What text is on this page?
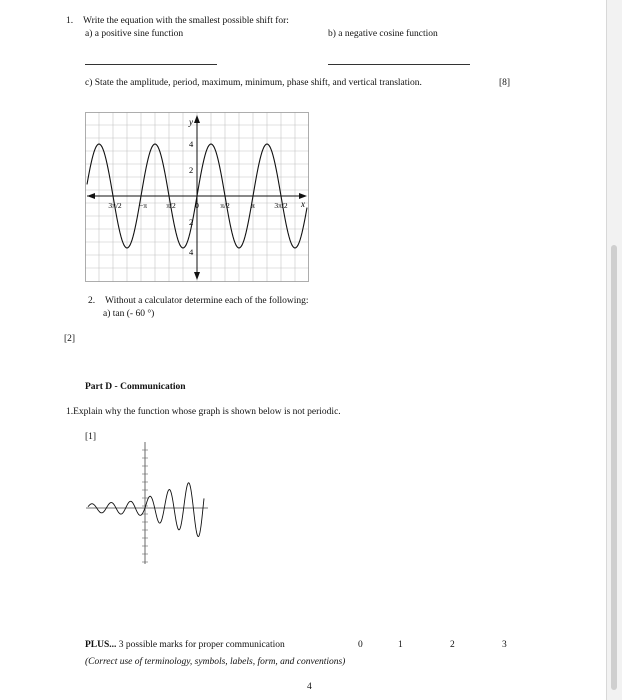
1. Write the equation with the smallest possible shift for:
a) a positive sine function	b) a negative cosine function
c) State the amplitude, period, maximum, minimum, phase shift, and vertical translation.	[8]
y
x
4
2
2
4
3π/2 −π	π/2	0	π/2	π	3π/2
2. Without a calculator determine each of the following:
a) tan (- 60 °)
[2]
Part D - Communication
1.Explain why the function whose graph is shown below is not periodic.
[1]
PLUS... 3 possible marks for proper communication	0	1	2	3
(Correct use of terminology, symbols, labels, form, and conventions)
4
